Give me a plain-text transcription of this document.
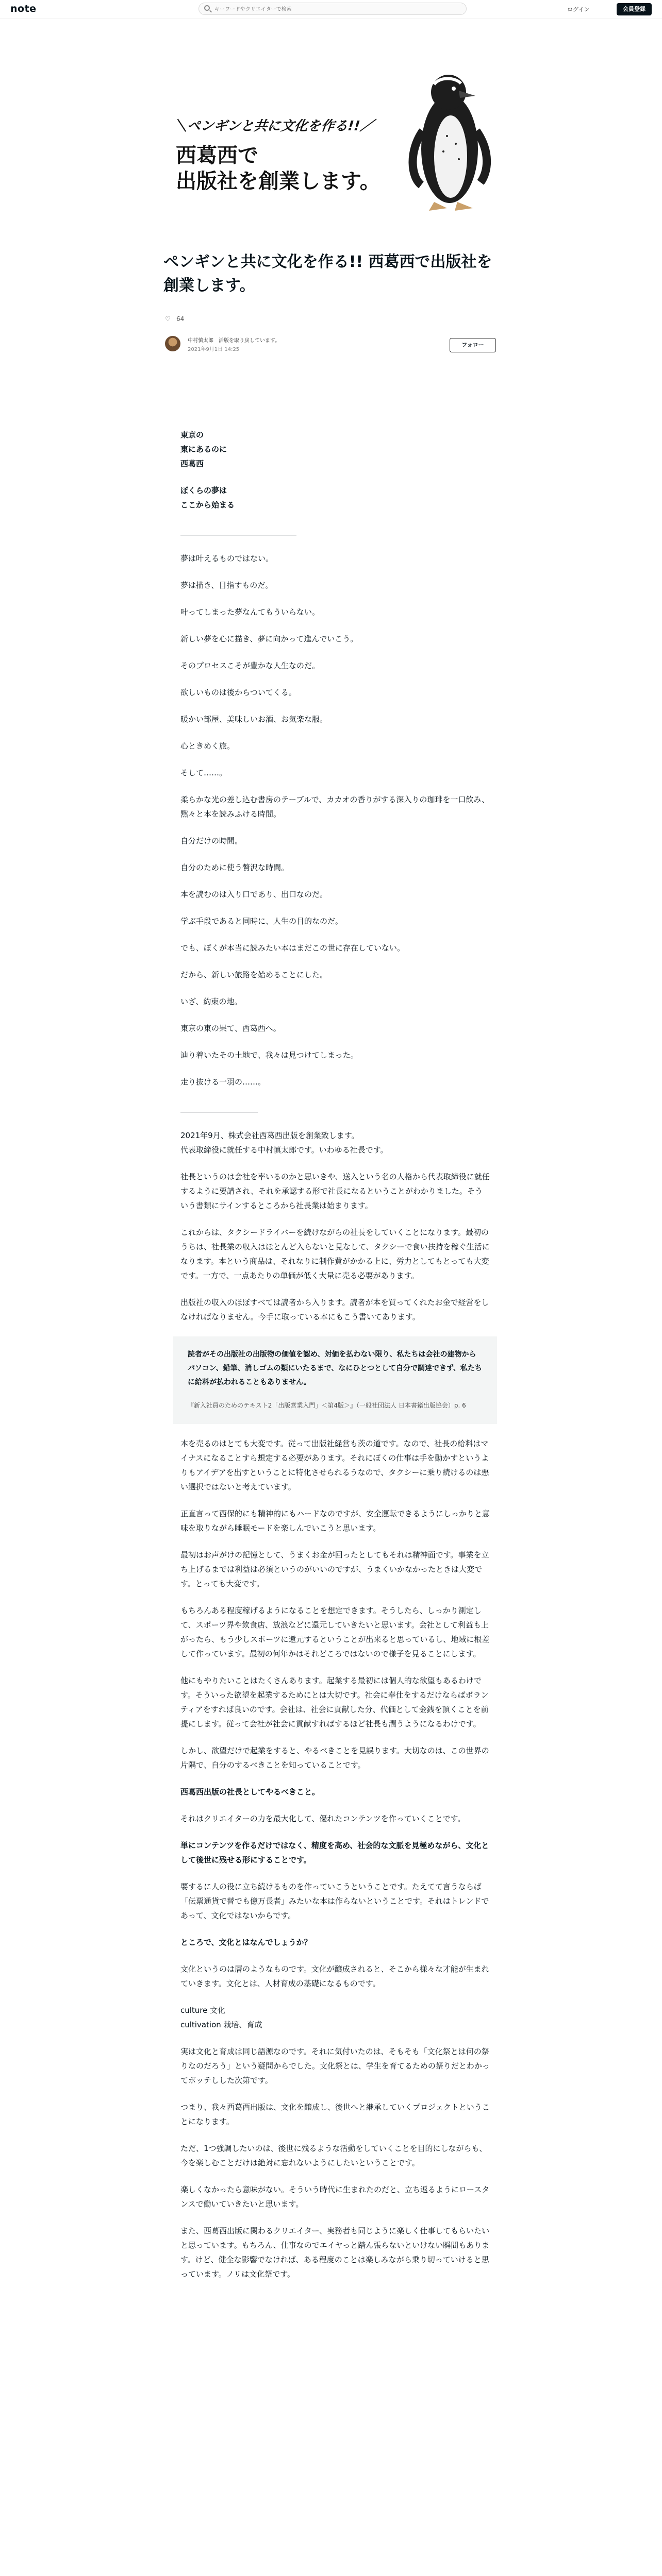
note
キーワードやクリエイターで検索	ログイン	会員登録
＼ペンギンと共に文化を作る!!／
西葛西で
出版社を創業します。
ペンギンと共に文化を作る!! 西葛西で出版社を創業します。
♡ 64
中村慎太郎　活版を取り戻しています。
2021年9月1日 14:25
フォロー

東京の
東にあるのに
西葛西

ぼくらの夢は
ここから始まる

＿＿＿＿＿＿＿＿＿＿＿＿＿＿＿

夢は叶えるものではない。

夢は描き、目指すものだ。

叶ってしまった夢なんてもういらない。

新しい夢を心に描き、夢に向かって進んでいこう。

そのプロセスこそが豊かな人生なのだ。

欲しいものは後からついてくる。

暖かい部屋、美味しいお酒、お気楽な服。

心ときめく旅。

そして……。

柔らかな光の差し込む書房のテーブルで、カカオの香りがする深入りの珈琲を一口飲み、黙々と本を読みふける時間。

自分だけの時間。

自分のために使う贅沢な時間。

本を読むのは入り口であり、出口なのだ。

学ぶ手段であると同時に、人生の目的なのだ。

でも、ぼくが本当に読みたい本はまだこの世に存在していない。

だから、新しい旅路を始めることにした。

いざ、約束の地。

東京の東の果て、西葛西へ。

辿り着いたその土地で、我々は見つけてしまった。

走り抜ける一羽の……。

＿＿＿＿＿＿＿＿＿＿

2021年9月、株式会社西葛西出版を創業致します。
代表取締役に就任する中村慎太郎です。いわゆる社長です。

社長というのは会社を率いるのかと思いきや、送入という名の人格から代表取締役に就任するように要請され、それを承認する形で社長になるということがわかりました。そういう書類にサインするところから社長業は始まります。

これからは、タクシードライバーを続けながらの社長をしていくことになります。最初のうちは、社長業の収入はほとんど入らないと見なして、タクシーで食い扶持を稼ぐ生活になります。本という商品は、それなりに制作費がかかる上に、労力としてもとっても大変です。一方で、一点あたりの単価が低く大量に売る必要があります。

出版社の収入のほぼすべては読者から入ります。読者が本を買ってくれたお金で経営をしなければなりません。今手に取っている本にもこう書いてあります。

読者がその出版社の出版物の価値を認め、対価を払わない限り、私たちは会社の建物からパソコン、鉛筆、消しゴムの類にいたるまで、なにひとつとして自分で調達できず、私たちに給料が払われることもありません。

『新入社員のためのテキスト2「出版営業入門」＜第4版＞』（一般社団法人 日本書籍出版協会）p. 6

本を売るのはとても大変です。従って出版社経営も茨の道です。なので、社長の給料はマイナスになることすら想定する必要があります。それにぼくの仕事は手を動かすというよりもアイデアを出すということに特化させられるうなので、タクシーに乗り続けるのは悪い選択ではないと考えています。

正直言って西保的にも精神的にもハードなのですが、安全運転できるようにしっかりと意味を取りながら睡眠モードを楽しんでいこうと思います。

最初はお声がけの記憶として、うまくお金が回ったとしてもそれは精神面です。事業を立ち上げるまでは利益は必須というのがいいのですが、うまくいかなかったときは大変です。とっても大変です。

もちろんある程度稼げるようになることを想定できます。そうしたら、しっかり測定して、スポーツ界や飲食店、放浪などに還元していきたいと思います。会社として利益も上がったら、もう少しスポーツに還元するということが出来ると思っているし、地域に根差して作っています。最初の何年かはそれどころではないので様子を見ることにします。

他にもやりたいことはたくさんあります。起業する最初には個人的な欲望もあるわけです。そういった欲望を起業するためにとは大切です。社会に奉仕をするだけならばボランティアをすれば良いのです。会社は、社会に貢献した分、代価として金銭を頂くことを前提にします。従って会社が社会に貢献すればするほど社長も潤うようになるわけです。

しかし、欲望だけで起業をすると、やるべきことを見誤ります。大切なのは、この世界の片隅で、自分のするべきことを知っていることです。

西葛西出版の社長としてやるべきこと。

それはクリエイターの力を最大化して、優れたコンテンツを作っていくことです。

単にコンテンツを作るだけではなく、精度を高め、社会的な文脈を見極めながら、文化として後世に残せる形にすることです。

要するに人の役に立ち続けるものを作っていこうということです。たえてて言うならば「伝票通貨で替でも億万長者」みたいな本は作らないということです。それはトレンドであって、文化ではないからです。

ところで、文化とはなんでしょうか？

文化というのは層のようなものです。文化が醸成されると、そこから様々な才能が生まれていきます。文化とは、人材育成の基礎になるものです。

culture 文化
cultivation 栽培、育成

実は文化と育成は同じ語源なのです。それに気付いたのは、そもそも「文化祭とは何の祭りなのだろう」という疑問からでした。文化祭とは、学生を育てるための祭りだとわかってボッテしした次第です。

つまり、我々西葛西出版は、文化を醸成し、後世へと継承していくプロジェクトということになります。

ただ、1つ強調したいのは、後世に残るような活動をしていくことを目的にしながらも、今を楽しむことだけは絶対に忘れないようにしたいということです。

楽しくなかったら意味がない。そういう時代に生まれたのだと、立ち返るようにロースタンスで働いていきたいと思います。

また、西葛西出版に関わるクリエイター、実務者も同じように楽しく仕事してもらいたいと思っています。もちろん、仕事なのでエイヤっと踏ん張らないといけない瞬間もあります。けど、健全な影響でなければ、ある程度のことは楽しみながら乗り切っていけると思っています。ノリは文化祭です。
